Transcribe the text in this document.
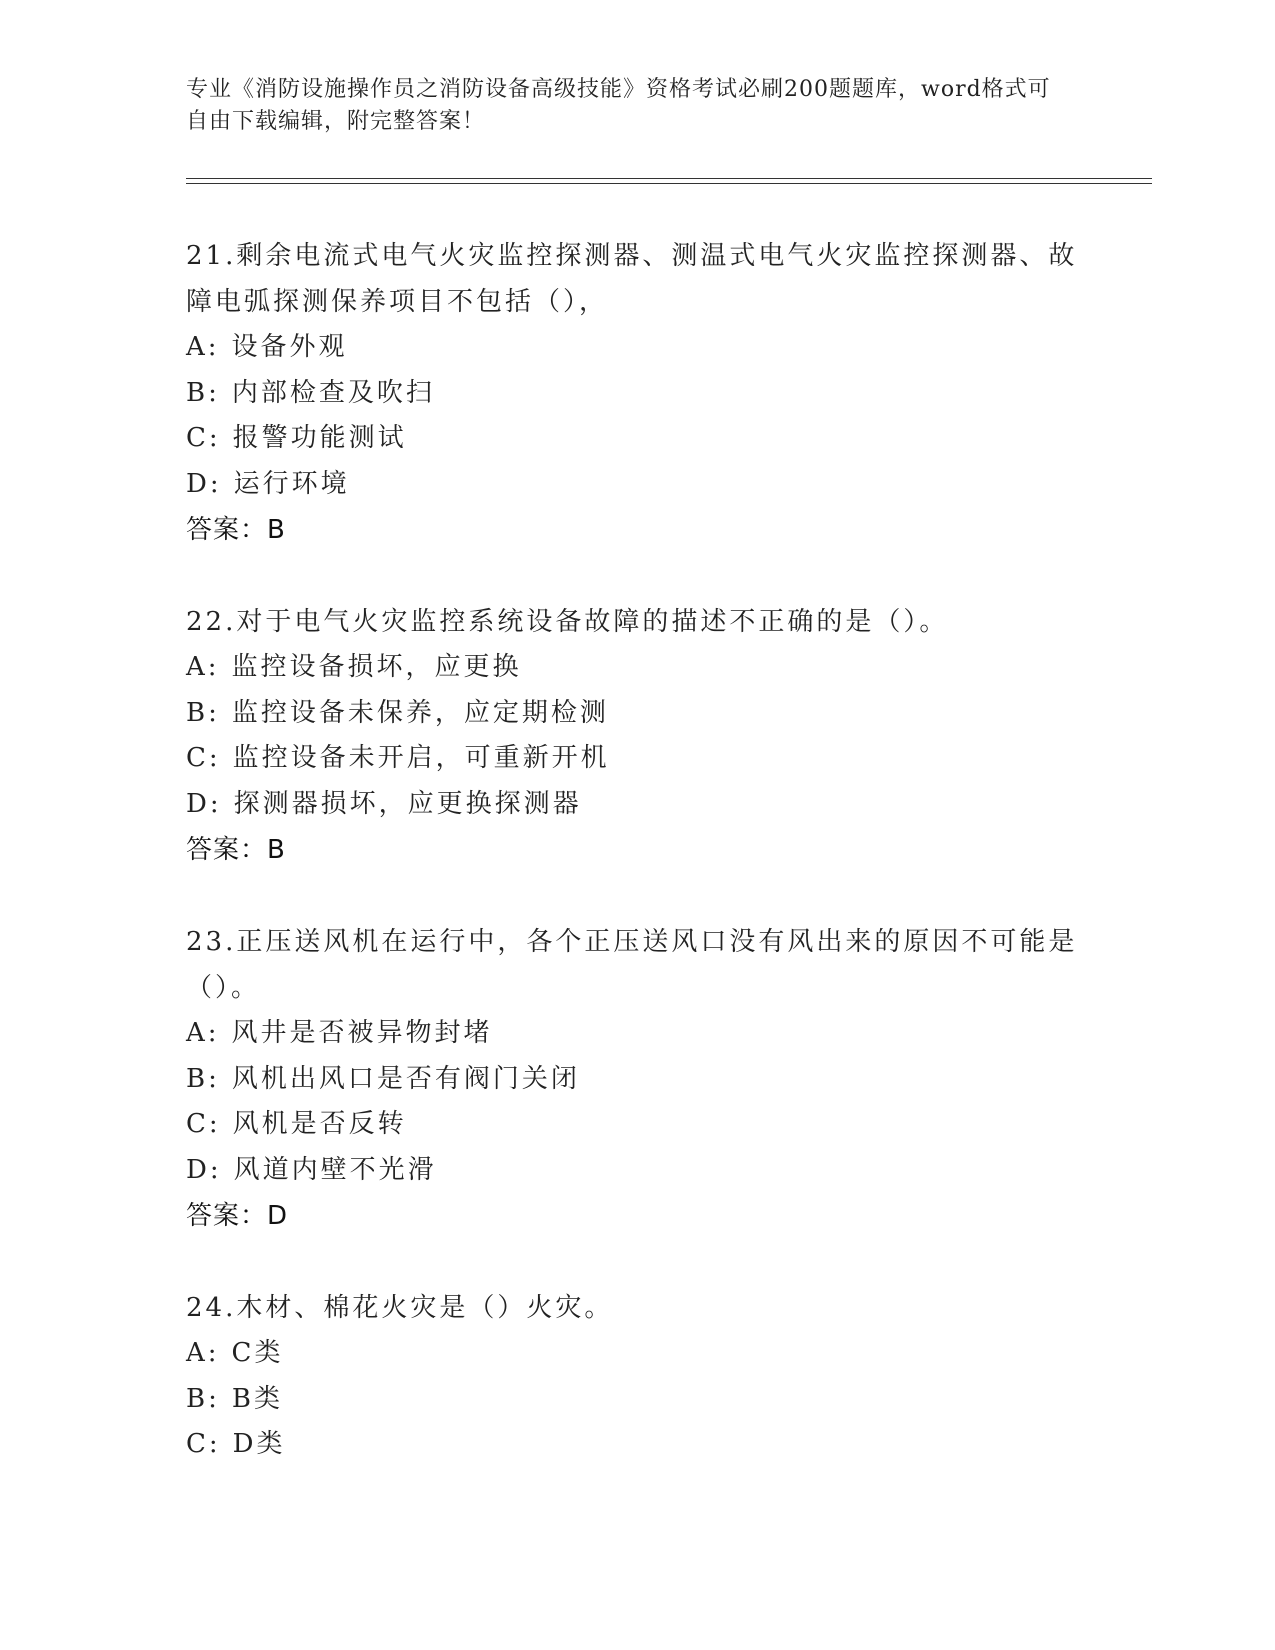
专业《消防设施操作员之消防设备高级技能》资格考试必刷200题题库，word格式可自由下载编辑，附完整答案！

21.剩余电流式电气火灾监控探测器、测温式电气火灾监控探测器、故障电弧探测保养项目不包括（），

A: 设备外观

B: 内部检查及吹扫

C: 报警功能测试

D: 运行环境

答案：B

22.对于电气火灾监控系统设备故障的描述不正确的是（）。

A: 监控设备损坏，应更换

B: 监控设备未保养，应定期检测

C: 监控设备未开启，可重新开机

D: 探测器损坏，应更换探测器

答案：B

23.正压送风机在运行中，各个正压送风口没有风出来的原因不可能是（）。

A: 风井是否被异物封堵

B: 风机出风口是否有阀门关闭

C: 风机是否反转

D: 风道内壁不光滑

答案：D

24.木材、棉花火灾是（）火灾。

A: C类

B: B类

C: D类
